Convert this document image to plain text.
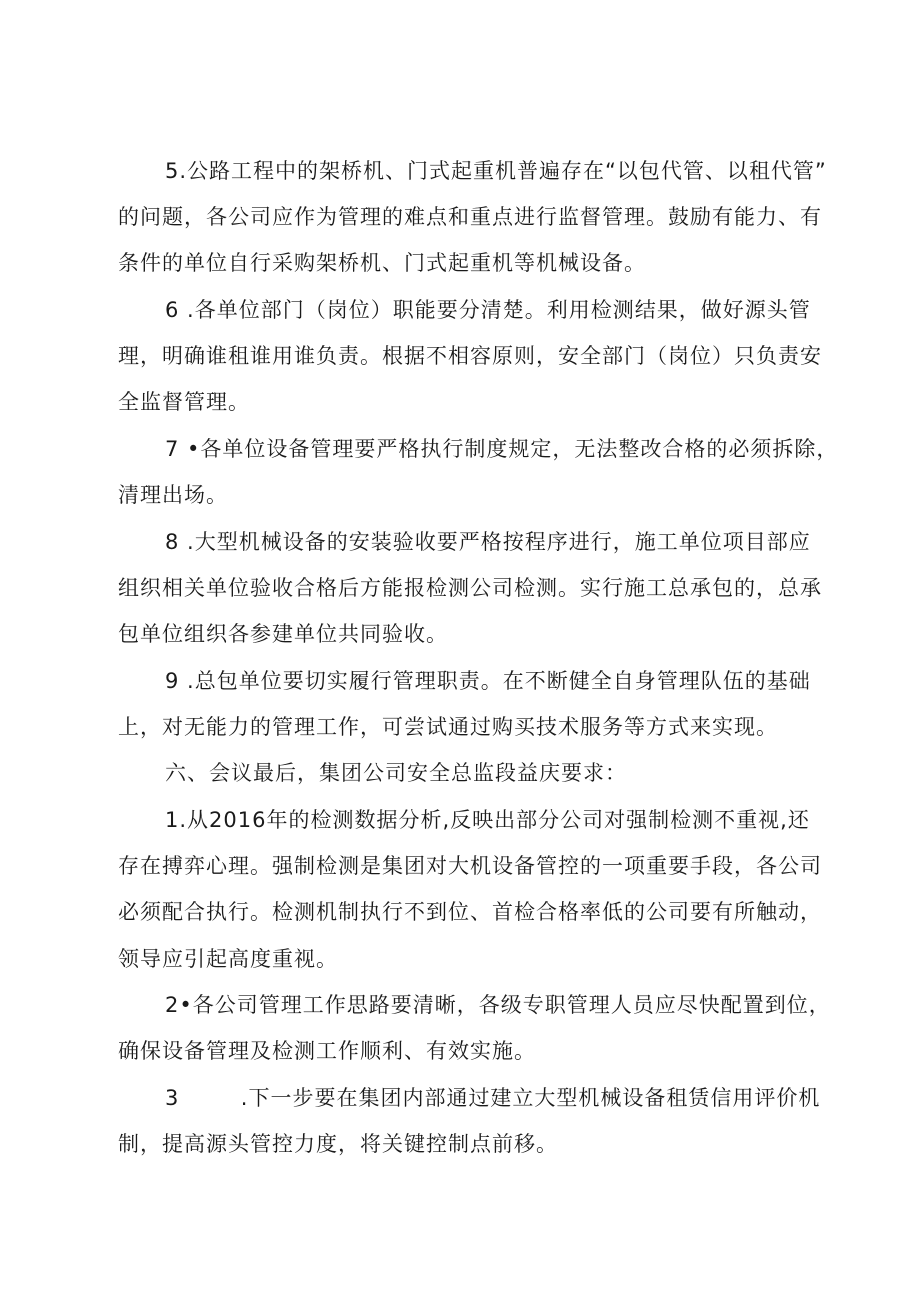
5.公路工程中的架桥机、门式起重机普遍存在“以包代管、以租代管”
的问题，各公司应作为管理的难点和重点进行监督管理。鼓励有能力、有
条件的单位自行采购架桥机、门式起重机等机械设备。
6 .各单位部门（岗位）职能要分清楚。利用检测结果，做好源头管
理，明确谁租谁用谁负责。根据不相容原则，安全部门（岗位）只负责安
全监督管理。
7 •各单位设备管理要严格执行制度规定，无法整改合格的必须拆除，
清理出场。
8 .大型机械设备的安装验收要严格按程序进行，施工单位项目部应
组织相关单位验收合格后方能报检测公司检测。实行施工总承包的，总承
包单位组织各参建单位共同验收。
9 .总包单位要切实履行管理职责。在不断健全自身管理队伍的基础
上，对无能力的管理工作，可尝试通过购买技术服务等方式来实现。
六、会议最后，集团公司安全总监段益庆要求：
1.从2016年的检测数据分析,反映出部分公司对强制检测不重视,还
存在搏弈心理。强制检测是集团对大机设备管控的一项重要手段，各公司
必须配合执行。检测机制执行不到位、首检合格率低的公司要有所触动，
领导应引起高度重视。
2•各公司管理工作思路要清晰，各级专职管理人员应尽快配置到位，
确保设备管理及检测工作顺利、有效实施。
3        .下一步要在集团内部通过建立大型机械设备租赁信用评价机
制，提高源头管控力度，将关键控制点前移。
